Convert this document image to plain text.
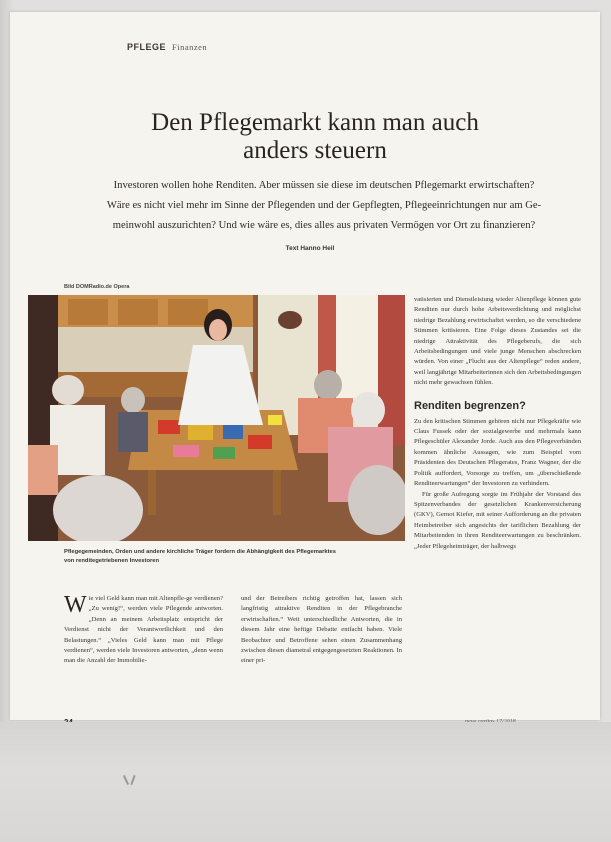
PFLEGE Finanzen
Den Pflegemarkt kann man auch
anders steuern
Investoren wollen hohe Renditen. Aber müssen sie diese im deutschen Pflegemarkt erwirtschaften?
Wäre es nicht viel mehr im Sinne der Pflegenden und der Gepflegten, Pflegeeinrichtungen nur am Ge-
meinwohl auszurichten? Und wie wäre es, dies alles aus privaten Vermögen vor Ort zu finanzieren?
Text Hanno Heil
Bild DOMRadio.de Opera
Pflegegemeinden, Orden und andere kirchliche Träger fordern die Abhängigkeit des Pflegemarktes
von renditegetriebenen Investoren

Wie viel Geld kann man mit Altenpfle-ge verdienen? „Zu wenig!“, werden viele Pflegende antworten. „Denn an meinem Arbeitsplatz entspricht der Verdienst nicht der Verantwortlichkeit und den Belastungen.“ „Vieles Geld kann man mit Pflege verdienen“, werden viele Investoren antworten, „denn wenn man die Anzahl der Immobilie-

und der Betreibers richtig getroffen hat, lassen sich langfristig attraktive Renditen in der Pflegebranche erwirtschaften.“ Weit unterschiedliche Antworten, die in diesem Jahr eine heftige Debatte entfacht haben. Viele Beobachter und Betroffene sehen einen Zusammenhang zwischen diesen diametral entgegengesetzten Reaktionen. In einer pri-

vatisierten und Dienstleistung wieder Altenpflege können gute Renditen nur durch hohe Arbeitsverdichtung und möglichst niedrige Bezahlung erwirtschaftet werden, so die verschiedene Stimmen kritisieren. Eine Folge dieses Zustandes sei die niedrige Attraktivität des Pflegeberufs, die sich Arbeitsbedingungen und viele junge Menschen abschrecken würden. Von einer „Flucht aus der Altenpflege“ reden andere, weil langjährige Mitarbeiterinnen sich den Arbeitsbedingungen nicht mehr gewachsen fühlen.

Renditen begrenzen?

Zu den kritischen Stimmen gehören nicht nur Pflegekräfte wie Claus Fussek oder der sozialgewerbe und mehrmals kann Pflegeschüler Alexander Jorde. Auch aus den Pflegeverbänden kommen ähnliche Aussagen, wie zum Beispiel vom Präsidenten des Deutschen Pflegerates, Franz Wagner, der die Politik auffordert, Vorsorge zu treffen, um „überschießende Renditeerwartungen“ der Investoren zu verhindern.

Für große Aufregung sorgte im Frühjahr der Vorstand des Spitzenverbandes der gesetzlichen Krankenversicherung (GKV), Gernot Kiefer, mit seiner Aufforderung an die privaten Heimbetreiber sich angesichts der tariflichen Bezahlung der Mitarbeitenden in ihren Renditeerwartungen zu beschränken. „Jeder Pflegeheimträger, der halbwegs
